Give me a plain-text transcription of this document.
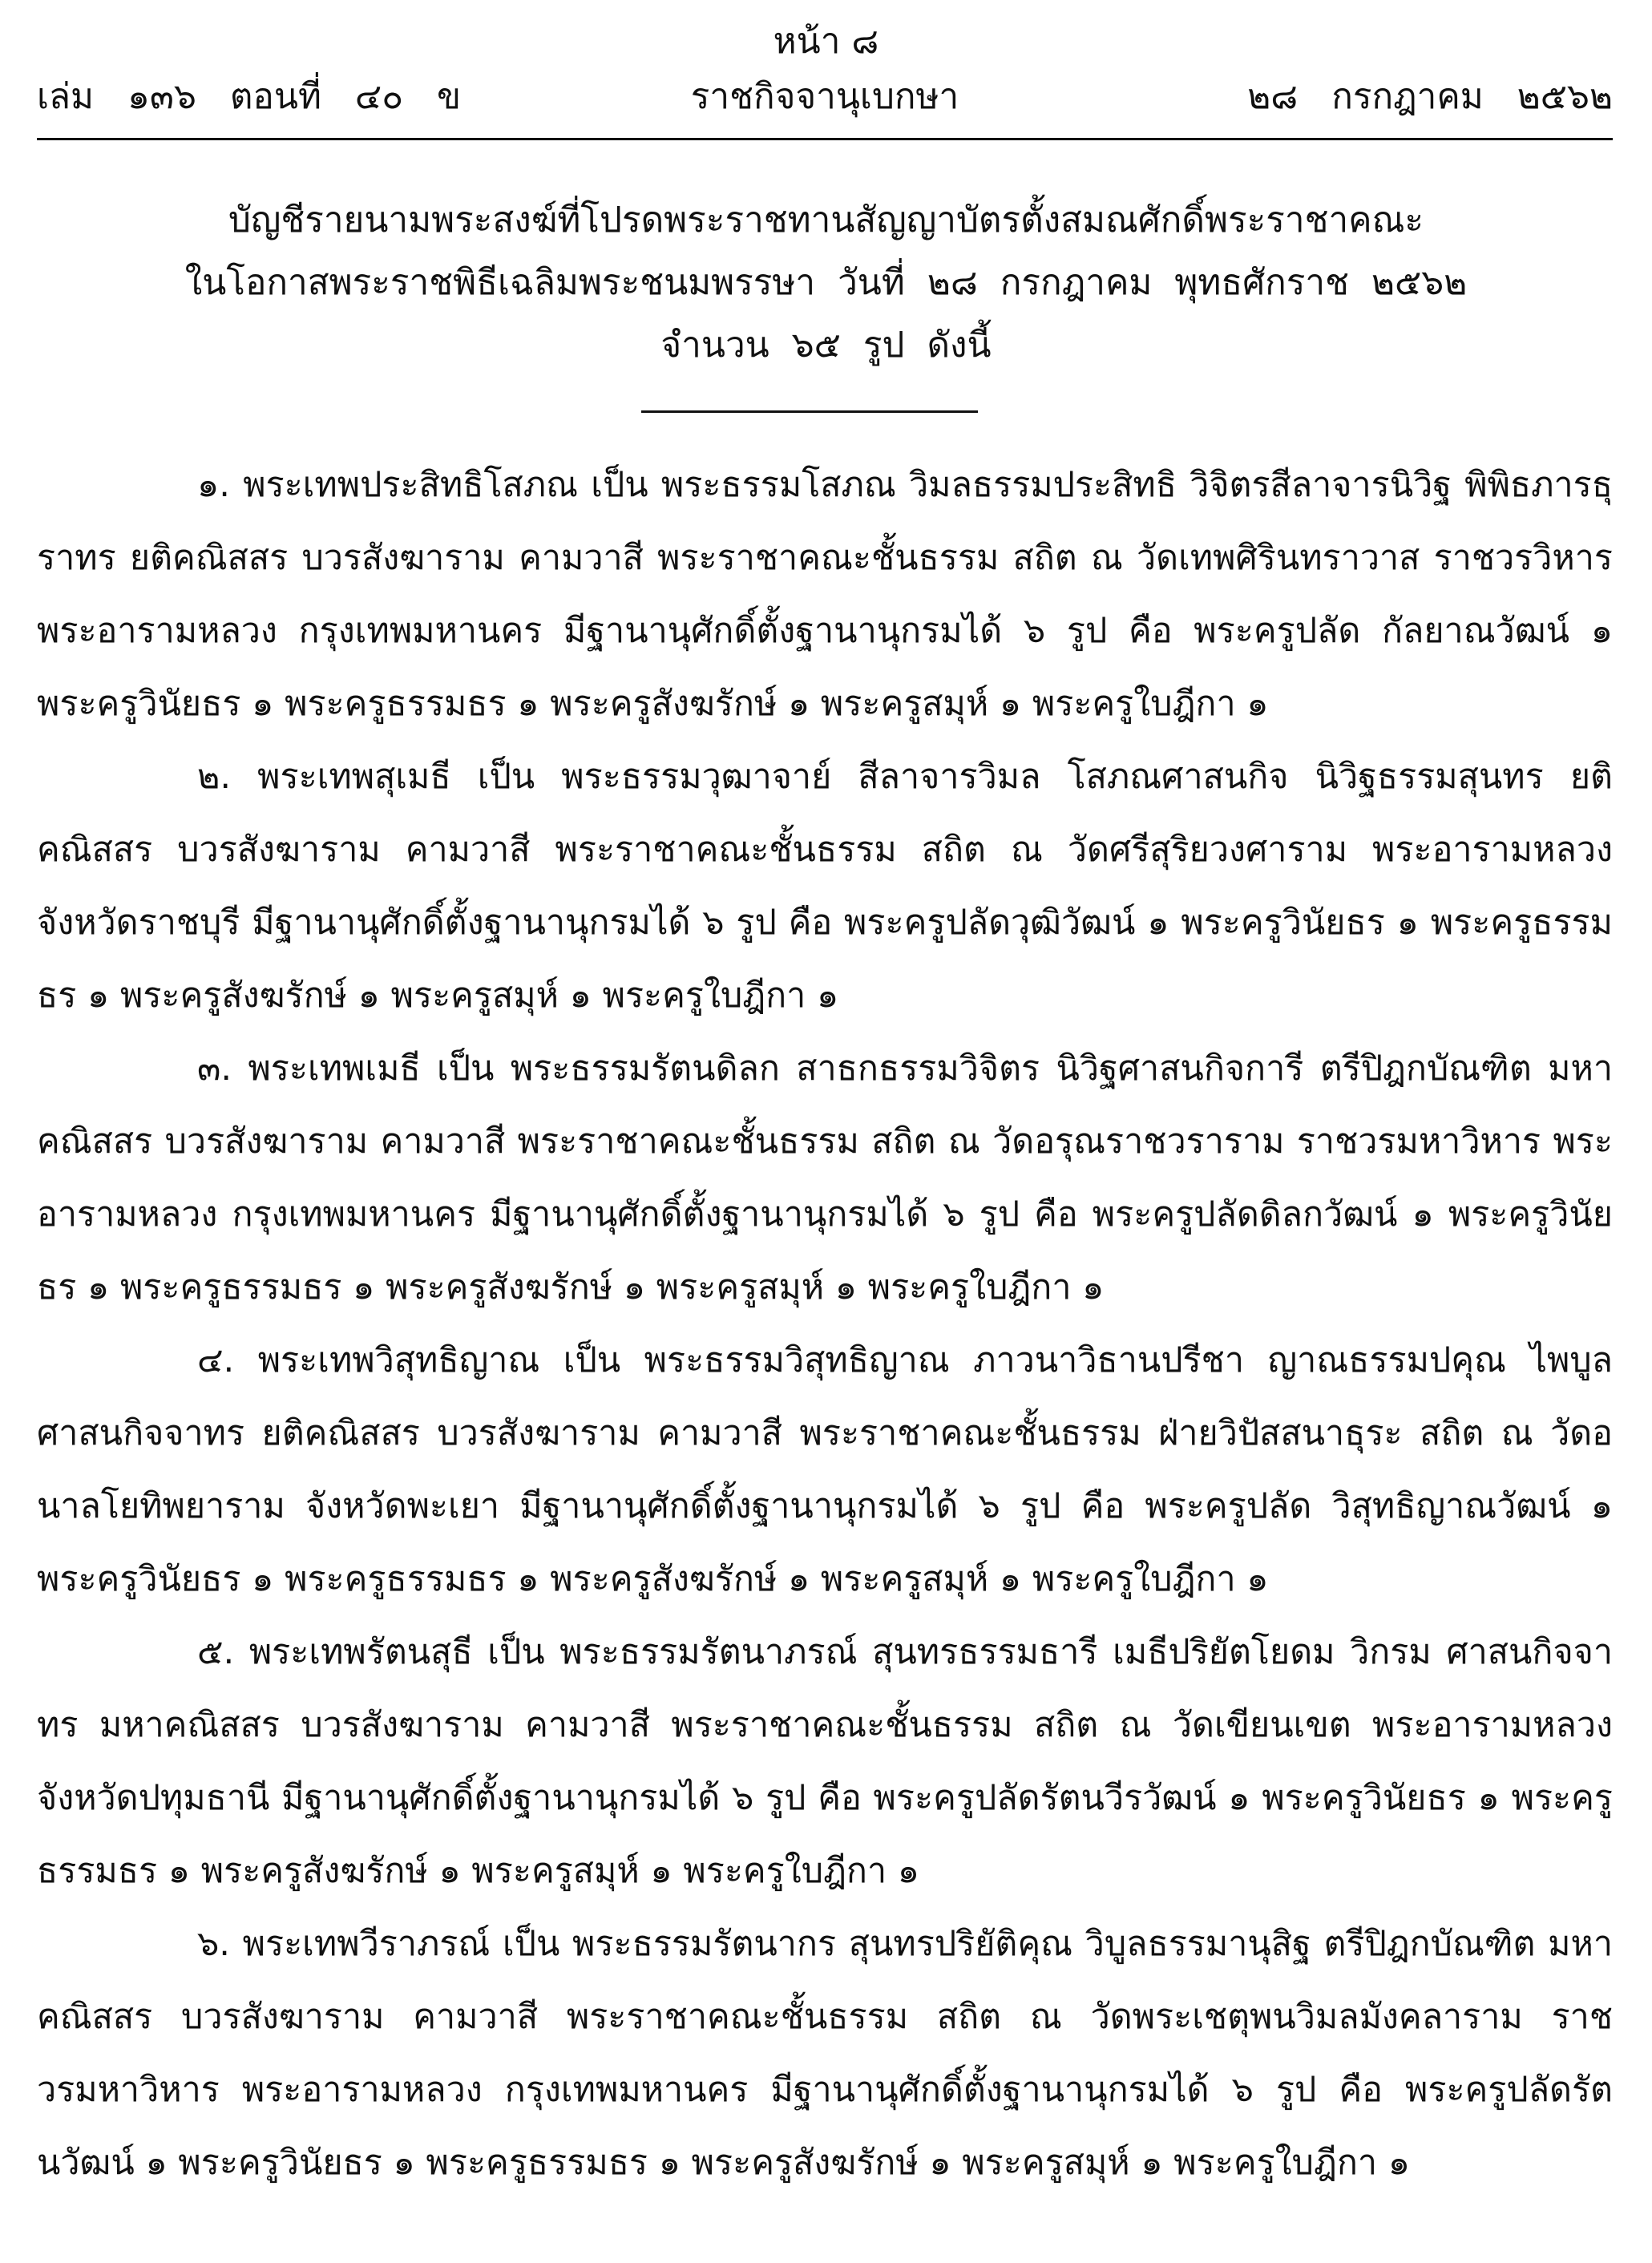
หน้า ๘
เล่ม   ๑๓๖   ตอนที่   ๔๐   ข	ราชกิจจานุเบกษา	๒๘   กรกฎาคม   ๒๕๖๒
บัญชีรายนามพระสงฆ์ที่โปรดพระราชทานสัญญาบัตรตั้งสมณศักดิ์พระราชาคณะ
ในโอกาสพระราชพิธีเฉลิมพระชนมพรรษา  วันที่  ๒๘  กรกฎาคม  พุทธศักราช  ๒๕๖๒
จำนวน  ๖๕  รูป  ดังนี้

๑. พระเทพประสิทธิโสภณ เป็น พระธรรมโสภณ วิมลธรรมประสิทธิ วิจิตรสีลาจารนิวิฐ พิพิธภารธุราทร ยติคณิสสร บวรสังฆาราม คามวาสี พระราชาคณะชั้นธรรม สถิต ณ วัดเทพศิรินทราวาส ราชวรวิหาร พระอารามหลวง กรุงเทพมหานคร มีฐานานุศักดิ์ตั้งฐานานุกรมได้ ๖ รูป คือ พระครูปลัด กัลยาณวัฒน์ ๑ พระครูวินัยธร ๑ พระครูธรรมธร ๑ พระครูสังฆรักษ์ ๑ พระครูสมุห์ ๑ พระครูใบฎีกา ๑

๒. พระเทพสุเมธี เป็น พระธรรมวุฒาจาย์ สีลาจารวิมล โสภณศาสนกิจ นิวิฐธรรมสุนทร ยติคณิสสร บวรสังฆาราม คามวาสี พระราชาคณะชั้นธรรม สถิต ณ วัดศรีสุริยวงศาราม พระอารามหลวง จังหวัดราชบุรี มีฐานานุศักดิ์ตั้งฐานานุกรมได้ ๖ รูป คือ พระครูปลัดวุฒิวัฒน์ ๑ พระครูวินัยธร ๑ พระครูธรรมธร ๑ พระครูสังฆรักษ์ ๑ พระครูสมุห์ ๑ พระครูใบฎีกา ๑

๓. พระเทพเมธี เป็น พระธรรมรัตนดิลก สาธกธรรมวิจิตร นิวิฐศาสนกิจการี ตรีปิฎกบัณฑิต มหาคณิสสร บวรสังฆาราม คามวาสี พระราชาคณะชั้นธรรม สถิต ณ วัดอรุณราชวราราม ราชวรมหาวิหาร พระอารามหลวง กรุงเทพมหานคร มีฐานานุศักดิ์ตั้งฐานานุกรมได้ ๖ รูป คือ พระครูปลัดดิลกวัฒน์ ๑ พระครูวินัยธร ๑ พระครูธรรมธร ๑ พระครูสังฆรักษ์ ๑ พระครูสมุห์ ๑ พระครูใบฎีกา ๑

๔. พระเทพวิสุทธิญาณ เป็น พระธรรมวิสุทธิญาณ ภาวนาวิธานปรีชา ญาณธรรมปคุณ ไพบูลศาสนกิจจาทร ยติคณิสสร บวรสังฆาราม คามวาสี พระราชาคณะชั้นธรรม ฝ่ายวิปัสสนาธุระ สถิต ณ วัดอนาลโยทิพยาราม จังหวัดพะเยา มีฐานานุศักดิ์ตั้งฐานานุกรมได้ ๖ รูป คือ พระครูปลัด วิสุทธิญาณวัฒน์ ๑ พระครูวินัยธร ๑ พระครูธรรมธร ๑ พระครูสังฆรักษ์ ๑ พระครูสมุห์ ๑ พระครูใบฎีกา ๑

๕. พระเทพรัตนสุธี เป็น พระธรรมรัตนาภรณ์ สุนทรธรรมธารี เมธีปริยัตโยดม วิกรม ศาสนกิจจาทร มหาคณิสสร บวรสังฆาราม คามวาสี พระราชาคณะชั้นธรรม สถิต ณ วัดเขียนเขต พระอารามหลวง จังหวัดปทุมธานี มีฐานานุศักดิ์ตั้งฐานานุกรมได้ ๖ รูป คือ พระครูปลัดรัตนวีรวัฒน์ ๑ พระครูวินัยธร ๑ พระครูธรรมธร ๑ พระครูสังฆรักษ์ ๑ พระครูสมุห์ ๑ พระครูใบฎีกา ๑

๖. พระเทพวีราภรณ์ เป็น พระธรรมรัตนากร สุนทรปริยัติคุณ วิบูลธรรมานุสิฐ ตรีปิฎกบัณฑิต มหาคณิสสร บวรสังฆาราม คามวาสี พระราชาคณะชั้นธรรม สถิต ณ วัดพระเชตุพนวิมลมังคลาราม ราชวรมหาวิหาร พระอารามหลวง กรุงเทพมหานคร มีฐานานุศักดิ์ตั้งฐานานุกรมได้ ๖ รูป คือ พระครูปลัดรัตนวัฒน์ ๑ พระครูวินัยธร ๑ พระครูธรรมธร ๑ พระครูสังฆรักษ์ ๑ พระครูสมุห์ ๑ พระครูใบฎีกา ๑
